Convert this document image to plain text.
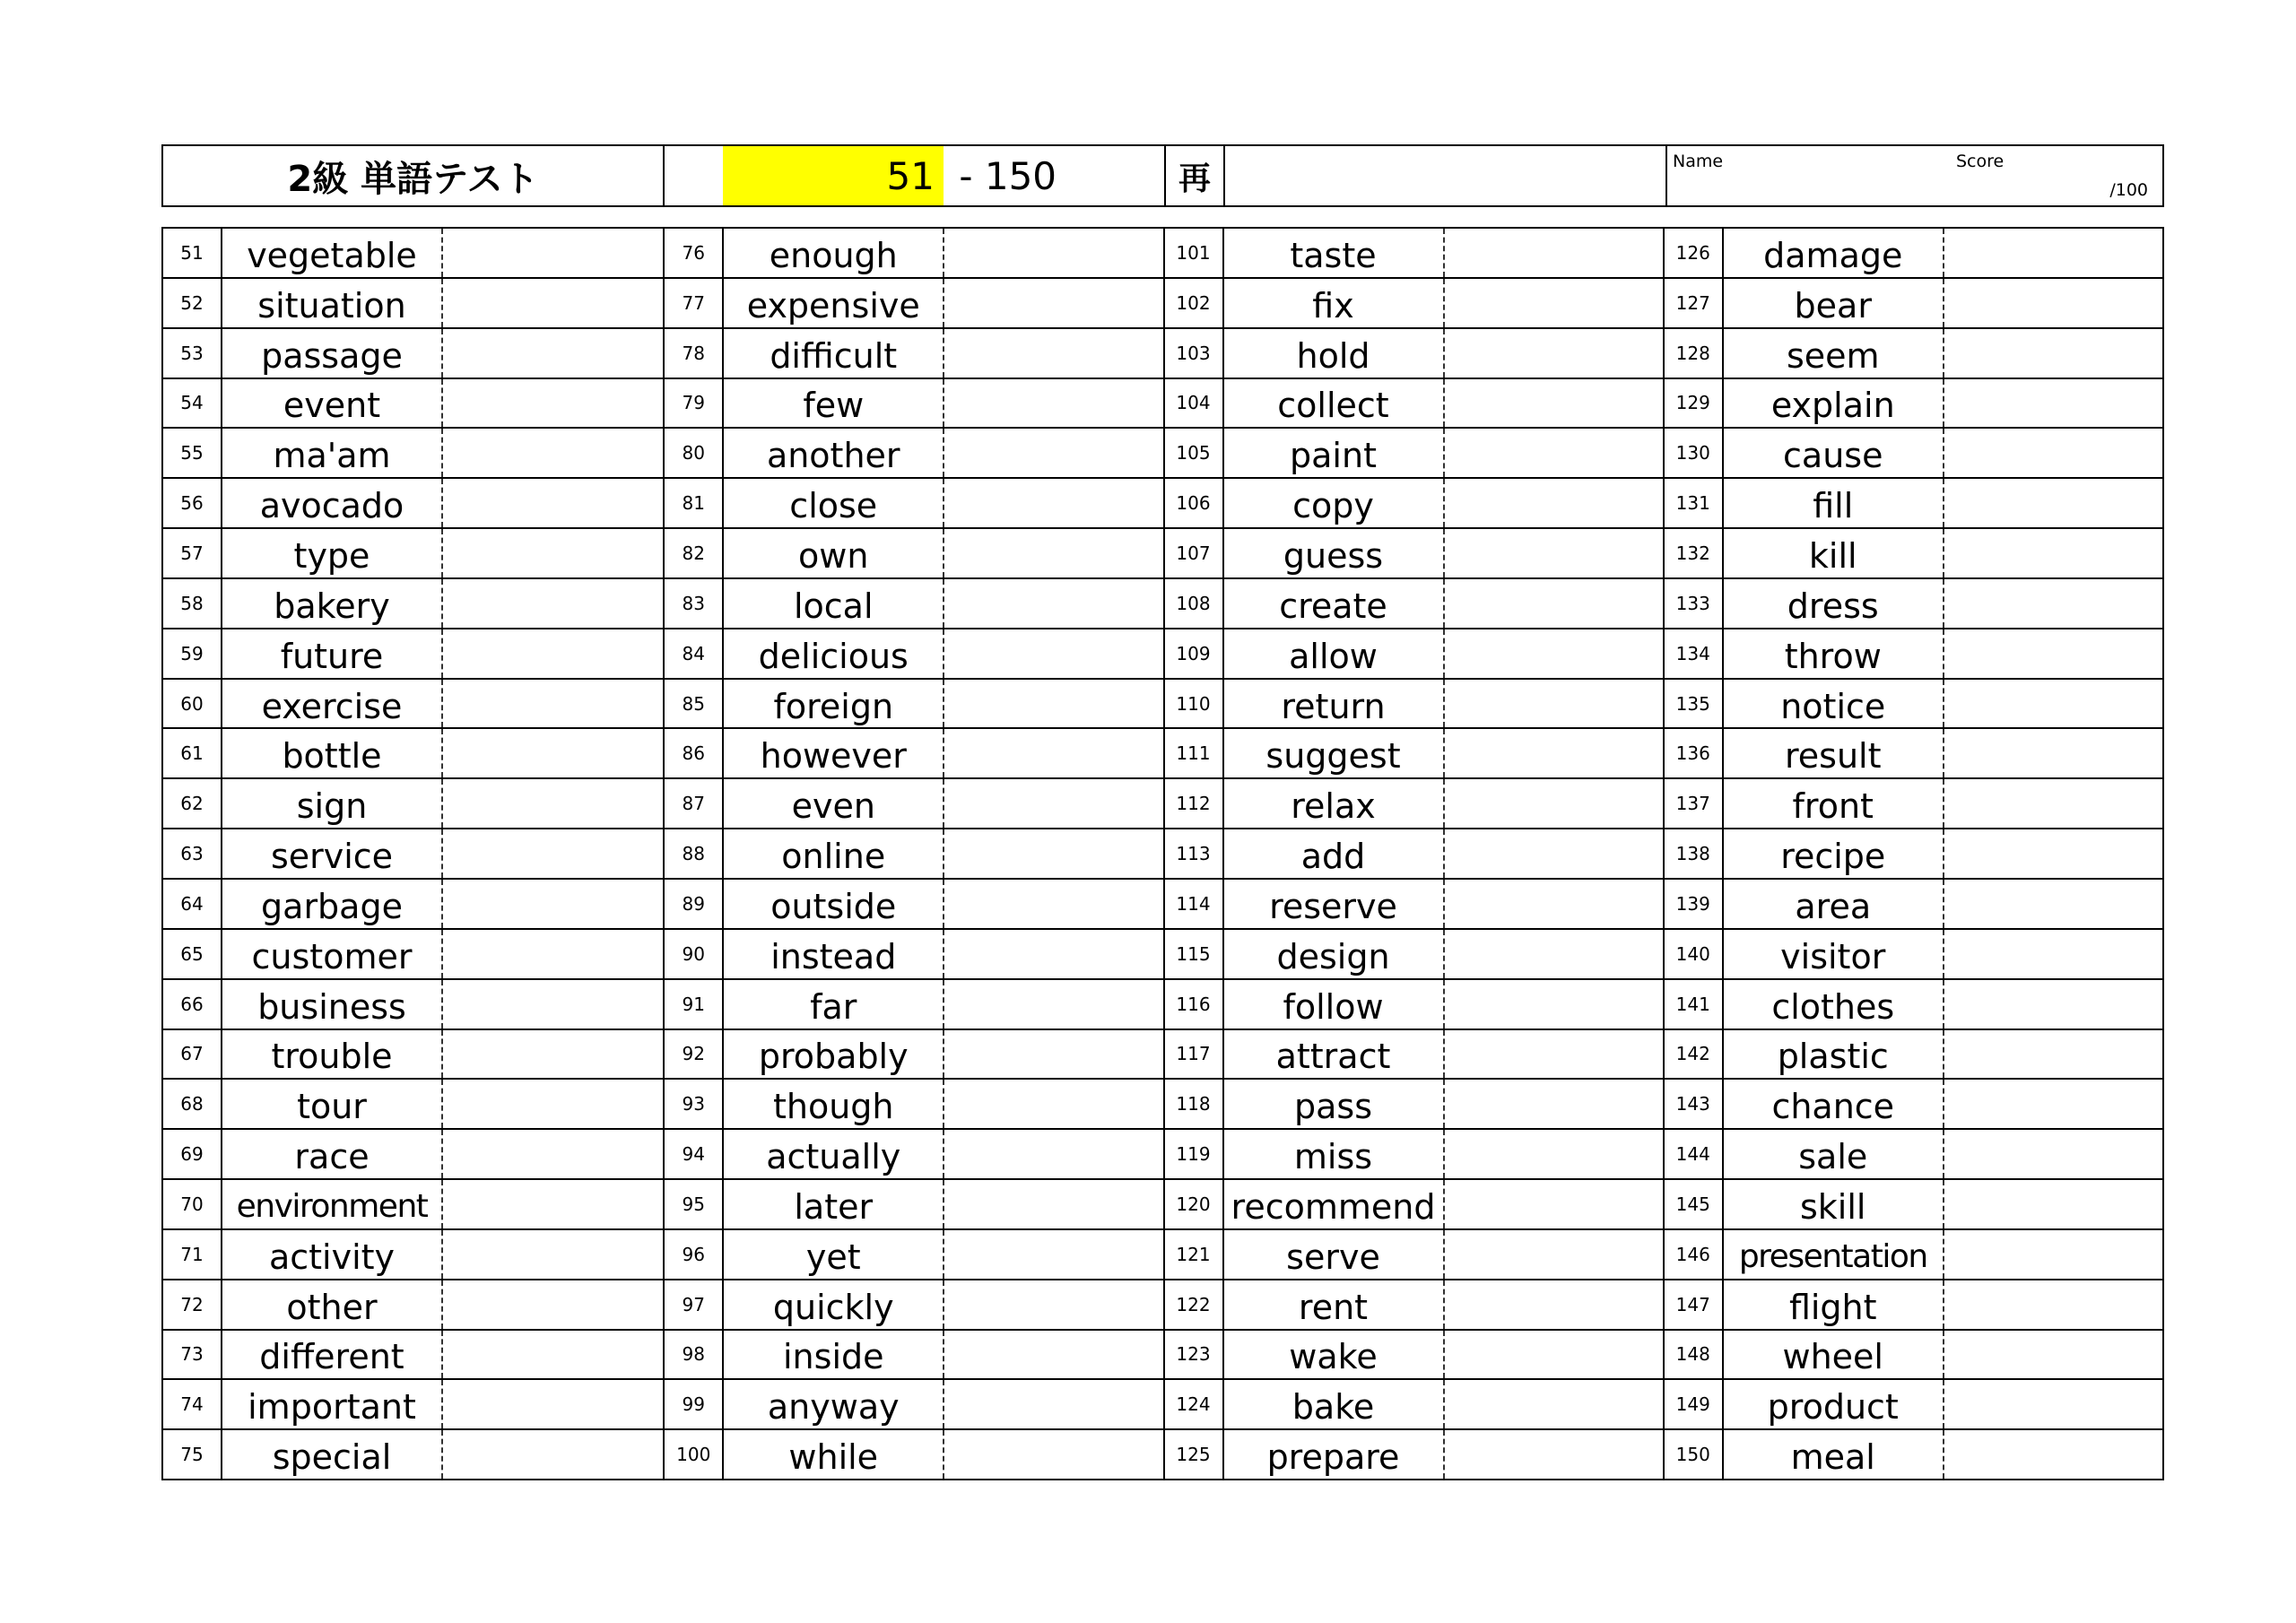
2級 単語テスト	51 - 150	再	Name	Score
/100
51	vegetable
52	situation
53	passage
54	event
55	ma'am
56	avocado
57	type
58	bakery
59	future
60	exercise
61	bottle
62	sign
63	service
64	garbage
65	customer
66	business
67	trouble
68	tour
69	race
70	environment
71	activity
72	other
73	different
74	important
75	special
76	enough
77	expensive
78	difficult
79	few
80	another
81	close
82	own
83	local
84	delicious
85	foreign
86	however
87	even
88	online
89	outside
90	instead
91	far
92	probably
93	though
94	actually
95	later
96	yet
97	quickly
98	inside
99	anyway
100	while
101	taste
102	fix
103	hold
104	collect
105	paint
106	copy
107	guess
108	create
109	allow
110	return
111	suggest
112	relax
113	add
114	reserve
115	design
116	follow
117	attract
118	pass
119	miss
120 recommend
121	serve
122	rent
123	wake
124	bake
125	prepare
126	damage
127	bear
128	seem
129	explain
130	cause
131	fill
132	kill
133	dress
134	throw
135	notice
136	result
137	front
138	recipe
139	area
140	visitor
141	clothes
142	plastic
143	chance
144	sale
145	skill
146 presentation
147	flight
148	wheel
149	product
150	meal
